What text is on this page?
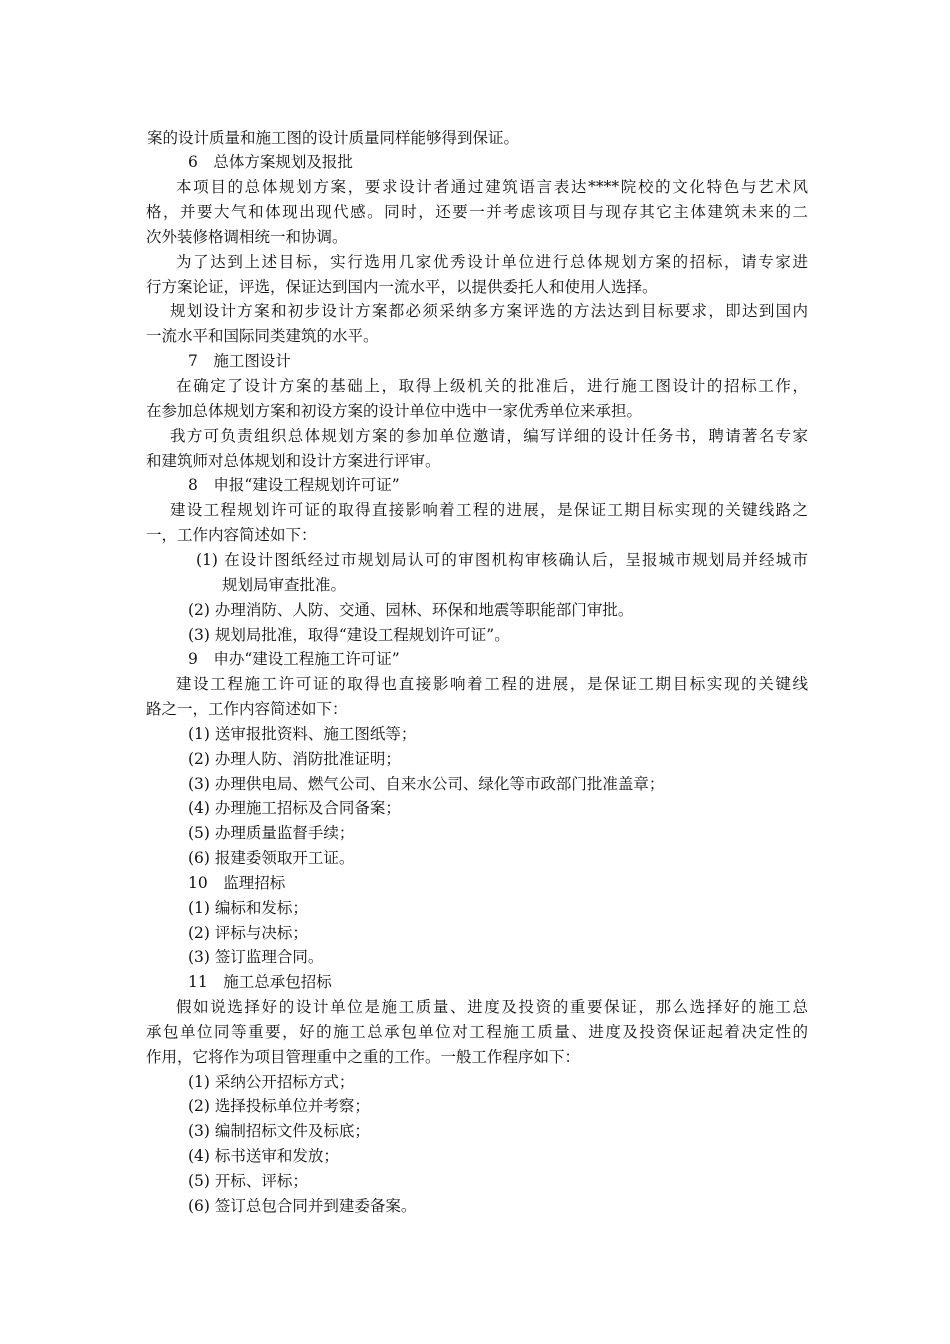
案的设计质量和施工图的设计质量同样能够得到保证。
6　总体方案规划及报批
本项目的总体规划方案，要求设计者通过建筑语言表达****院校的文化特色与艺术风
格，并要大气和体现出现代感。同时，还要一并考虑该项目与现存其它主体建筑未来的二
次外装修格调相统一和协调。
为了达到上述目标，实行选用几家优秀设计单位进行总体规划方案的招标，请专家进
行方案论证，评选，保证达到国内一流水平，以提供委托人和使用人选择。
规划设计方案和初步设计方案都必须采纳多方案评选的方法达到目标要求，即达到国内
一流水平和国际同类建筑的水平。
7　施工图设计
在确定了设计方案的基础上，取得上级机关的批准后，进行施工图设计的招标工作，
在参加总体规划方案和初设方案的设计单位中选中一家优秀单位来承担。
我方可负责组织总体规划方案的参加单位邀请，编写详细的设计任务书，聘请著名专家
和建筑师对总体规划和设计方案进行评审。
8　申报“建设工程规划许可证”
建设工程规划许可证的取得直接影响着工程的进展，是保证工期目标实现的关键线路之
一，工作内容简述如下：
(1) 在设计图纸经过市规划局认可的审图机构审核确认后，呈报城市规划局并经城市
规划局审查批准。
(2) 办理消防、人防、交通、园林、环保和地震等职能部门审批。
(3) 规划局批准，取得“建设工程规划许可证”。
9　申办“建设工程施工许可证”
建设工程施工许可证的取得也直接影响着工程的进展，是保证工期目标实现的关键线
路之一，工作内容简述如下：
(1) 送审报批资料、施工图纸等；
(2) 办理人防、消防批准证明；
(3) 办理供电局、燃气公司、自来水公司、绿化等市政部门批准盖章；
(4) 办理施工招标及合同备案；
(5) 办理质量监督手续；
(6) 报建委领取开工证。
10　监理招标
(1) 编标和发标；
(2) 评标与决标；
(3) 签订监理合同。
11　施工总承包招标
假如说选择好的设计单位是施工质量、进度及投资的重要保证，那么选择好的施工总
承包单位同等重要，好的施工总承包单位对工程施工质量、进度及投资保证起着决定性的
作用，它将作为项目管理重中之重的工作。一般工作程序如下：
(1) 采纳公开招标方式；
(2) 选择投标单位并考察；
(3) 编制招标文件及标底；
(4) 标书送审和发放；
(5) 开标、评标；
(6) 签订总包合同并到建委备案。
